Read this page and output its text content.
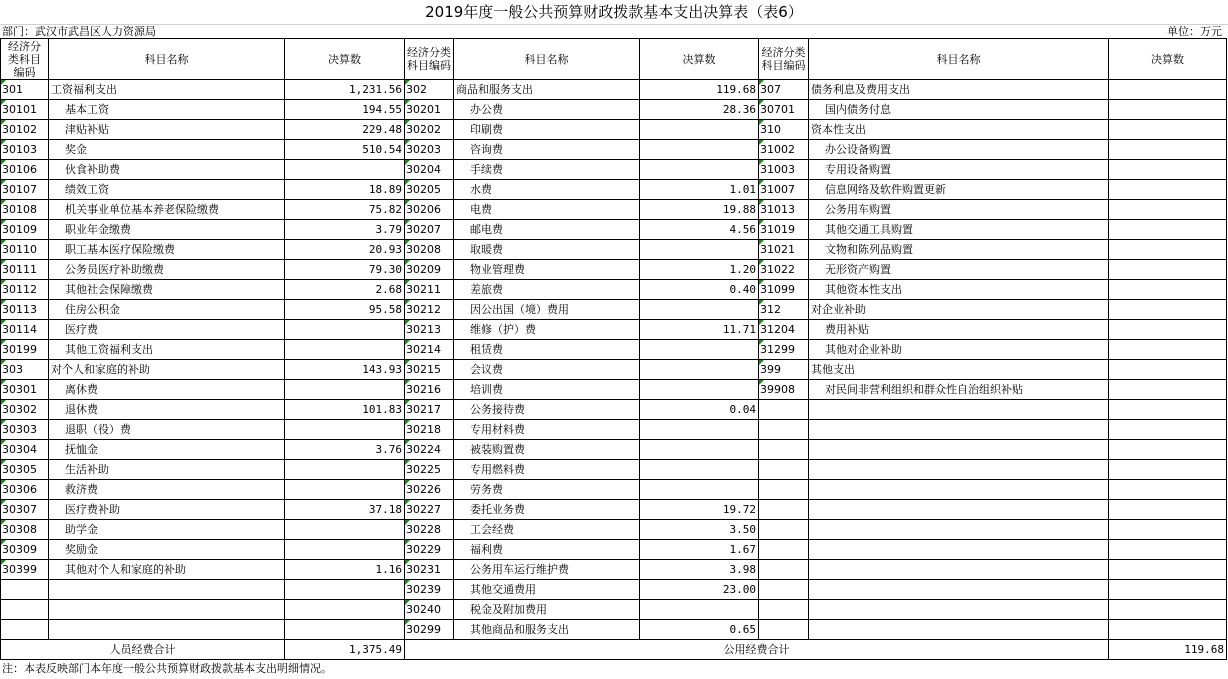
2019年度一般公共预算财政拨款基本支出决算表（表6）
部门：武汉市武昌区人力资源局	单位：万元
经济分类科目编码	科目名称	决算数	经济分类科目编码	科目名称	决算数	经济分类科目编码	科目名称	决算数
301	工资福利支出	1,231.56	302	商品和服务支出	119.68	307	债务利息及费用支出	
30101	基本工资	194.55	30201	办公费	28.36	30701	国内债务付息	
30102	津贴补贴	229.48	30202	印刷费		310	资本性支出	
30103	奖金	510.54	30203	咨询费		31002	办公设备购置	
30106	伙食补助费		30204	手续费		31003	专用设备购置	
30107	绩效工资	18.89	30205	水费	1.01	31007	信息网络及软件购置更新	
30108	机关事业单位基本养老保险缴费	75.82	30206	电费	19.88	31013	公务用车购置	
30109	职业年金缴费	3.79	30207	邮电费	4.56	31019	其他交通工具购置	
30110	职工基本医疗保险缴费	20.93	30208	取暖费		31021	文物和陈列品购置	
30111	公务员医疗补助缴费	79.30	30209	物业管理费	1.20	31022	无形资产购置	
30112	其他社会保障缴费	2.68	30211	差旅费	0.40	31099	其他资本性支出	
30113	住房公积金	95.58	30212	因公出国（境）费用		312	对企业补助	
30114	医疗费		30213	维修（护）费	11.71	31204	费用补贴	
30199	其他工资福利支出		30214	租赁费		31299	其他对企业补助	
303	对个人和家庭的补助	143.93	30215	会议费		399	其他支出	
30301	离休费		30216	培训费		39908	对民间非营利组织和群众性自治组织补贴	
30302	退休费	101.83	30217	公务接待费	0.04			
30303	退职（役）费		30218	专用材料费				
30304	抚恤金	3.76	30224	被装购置费				
30305	生活补助		30225	专用燃料费				
30306	救济费		30226	劳务费				
30307	医疗费补助	37.18	30227	委托业务费	19.72			
30308	助学金		30228	工会经费	3.50			
30309	奖励金		30229	福利费	1.67			
30399	其他对个人和家庭的补助	1.16	30231	公务用车运行维护费	3.98			
			30239	其他交通费用	23.00			
			30240	税金及附加费用				
			30299	其他商品和服务支出	0.65			
人员经费合计		1,375.49	公用经费合计					119.68
注：本表反映部门本年度一般公共预算财政拨款基本支出明细情况。
